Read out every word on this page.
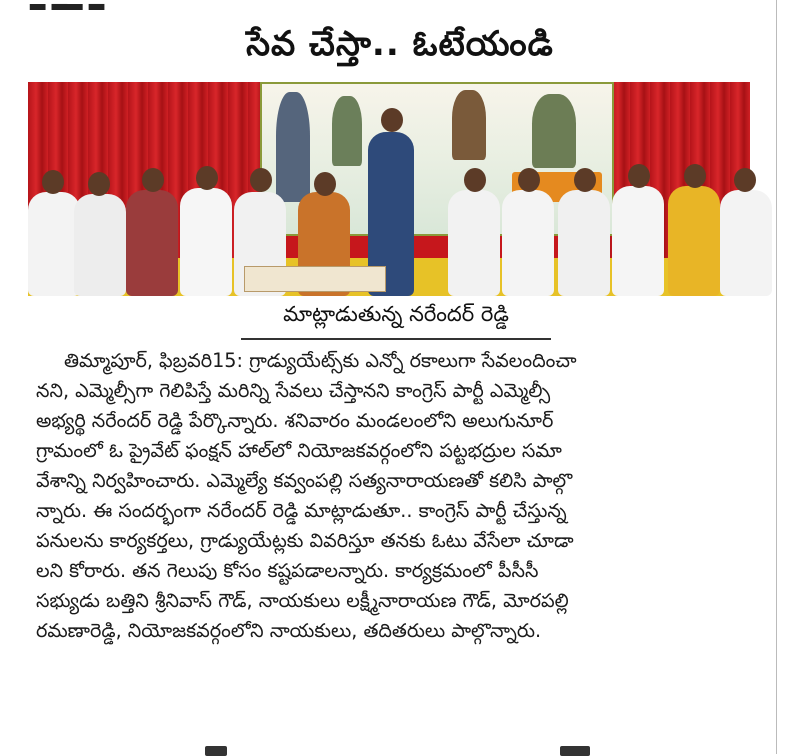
సేవ చేస్తా.. ఓటేయండి
మాట్లాడుతున్న నరేందర్ రెడ్డి
తిమ్మాపూర్, ఫిబ్రవరి15: గ్రాడ్యుయేట్స్‌కు ఎన్నో రకాలుగా సేవలందించా
నని, ఎమ్మెల్సీగా గెలిపిస్తే మరిన్ని సేవలు చేస్తానని కాంగ్రెస్ పార్టీ ఎమ్మెల్సీ
అభ్యర్థి నరేందర్ రెడ్డి పేర్కొన్నారు. శనివారం మండలంలోని అలుగునూర్
గ్రామంలో ఓ ప్రైవేట్ ఫంక్షన్ హాల్‌లో నియోజకవర్గంలోని పట్టభద్రుల సమా
వేశాన్ని నిర్వహించారు. ఎమ్మెల్యే కవ్వంపల్లి సత్యనారాయణతో కలిసి పాల్గొ
న్నారు. ఈ సందర్భంగా నరేందర్ రెడ్డి మాట్లాడుతూ.. కాంగ్రెస్ పార్టీ చేస్తున్న
పనులను కార్యకర్తలు, గ్రాడ్యుయేట్లకు వివరిస్తూ తనకు ఓటు వేసేలా చూడా
లని కోరారు. తన గెలుపు కోసం కష్టపడాలన్నారు. కార్యక్రమంలో పీసీసీ
సభ్యుడు బత్తిని శ్రీనివాస్ గౌడ్, నాయకులు లక్ష్మీనారాయణ గౌడ్, మోరపల్లి
రమణారెడ్డి, నియోజకవర్గంలోని నాయకులు, తదితరులు పాల్గొన్నారు.
